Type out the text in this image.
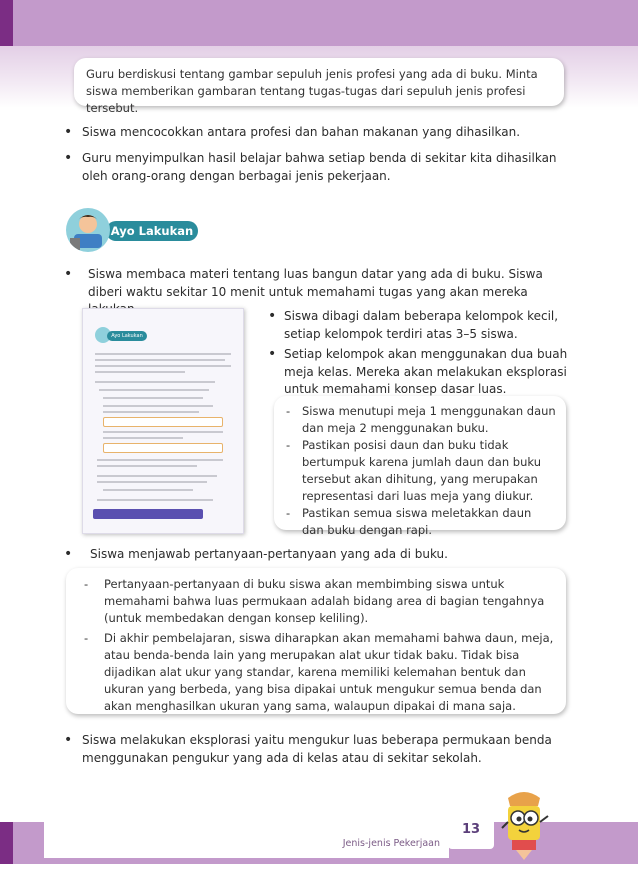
Guru berdiskusi tentang gambar sepuluh jenis profesi yang ada di buku. Minta siswa memberikan gambaran tentang tugas-tugas dari sepuluh jenis profesi tersebut.

• Siswa mencocokkan antara profesi dan bahan makanan yang dihasilkan.
• Guru menyimpulkan hasil belajar bahwa setiap benda di sekitar kita dihasilkan oleh orang-orang dengan berbagai jenis pekerjaan.
Ayo Lakukan
•	Siswa membaca materi tentang luas bangun datar yang ada di buku. Siswa diberi waktu sekitar 10 menit untuk memahami tugas yang akan mereka
Ayo Lakukan
• Siswa dibagi dalam beberapa kelompok kecil, setiap kelompok terdiri atas 3–5 siswa.
• Setiap kelompok akan menggunakan dua buah meja kelas. Mereka akan melakukan eksplorasi untuk memahami konsep dasar luas.
- Siswa menutupi meja 1 menggunakan daun dan meja 2 menggunakan buku.
- Pastikan posisi daun dan buku tidak bertumpuk karena jumlah daun dan buku tersebut akan dihitung, yang merupakan representasi dari luas meja yang diukur.
- Pastikan semua siswa meletakkan daun dan buku dengan rapi.
•	Siswa menjawab pertanyaan-pertanyaan yang ada di buku.
- Pertanyaan-pertanyaan di buku siswa akan membimbing siswa untuk memahami bahwa luas permukaan adalah bidang area di bagian tengahnya (untuk membedakan dengan konsep keliling).
- Di akhir pembelajaran, siswa diharapkan akan memahami bahwa daun, meja, atau benda-benda lain yang merupakan alat ukur tidak baku. Tidak bisa dijadikan alat ukur yang standar, karena memiliki kelemahan bentuk dan ukuran yang berbeda, yang bisa dipakai untuk mengukur semua benda dan akan menghasilkan ukuran yang sama, walaupun dipakai di mana saja.
• Siswa melakukan eksplorasi yaitu mengukur luas beberapa permukaan benda menggunakan pengukur yang ada di kelas atau di sekitar sekolah.
Jenis-jenis Pekerjaan
13
